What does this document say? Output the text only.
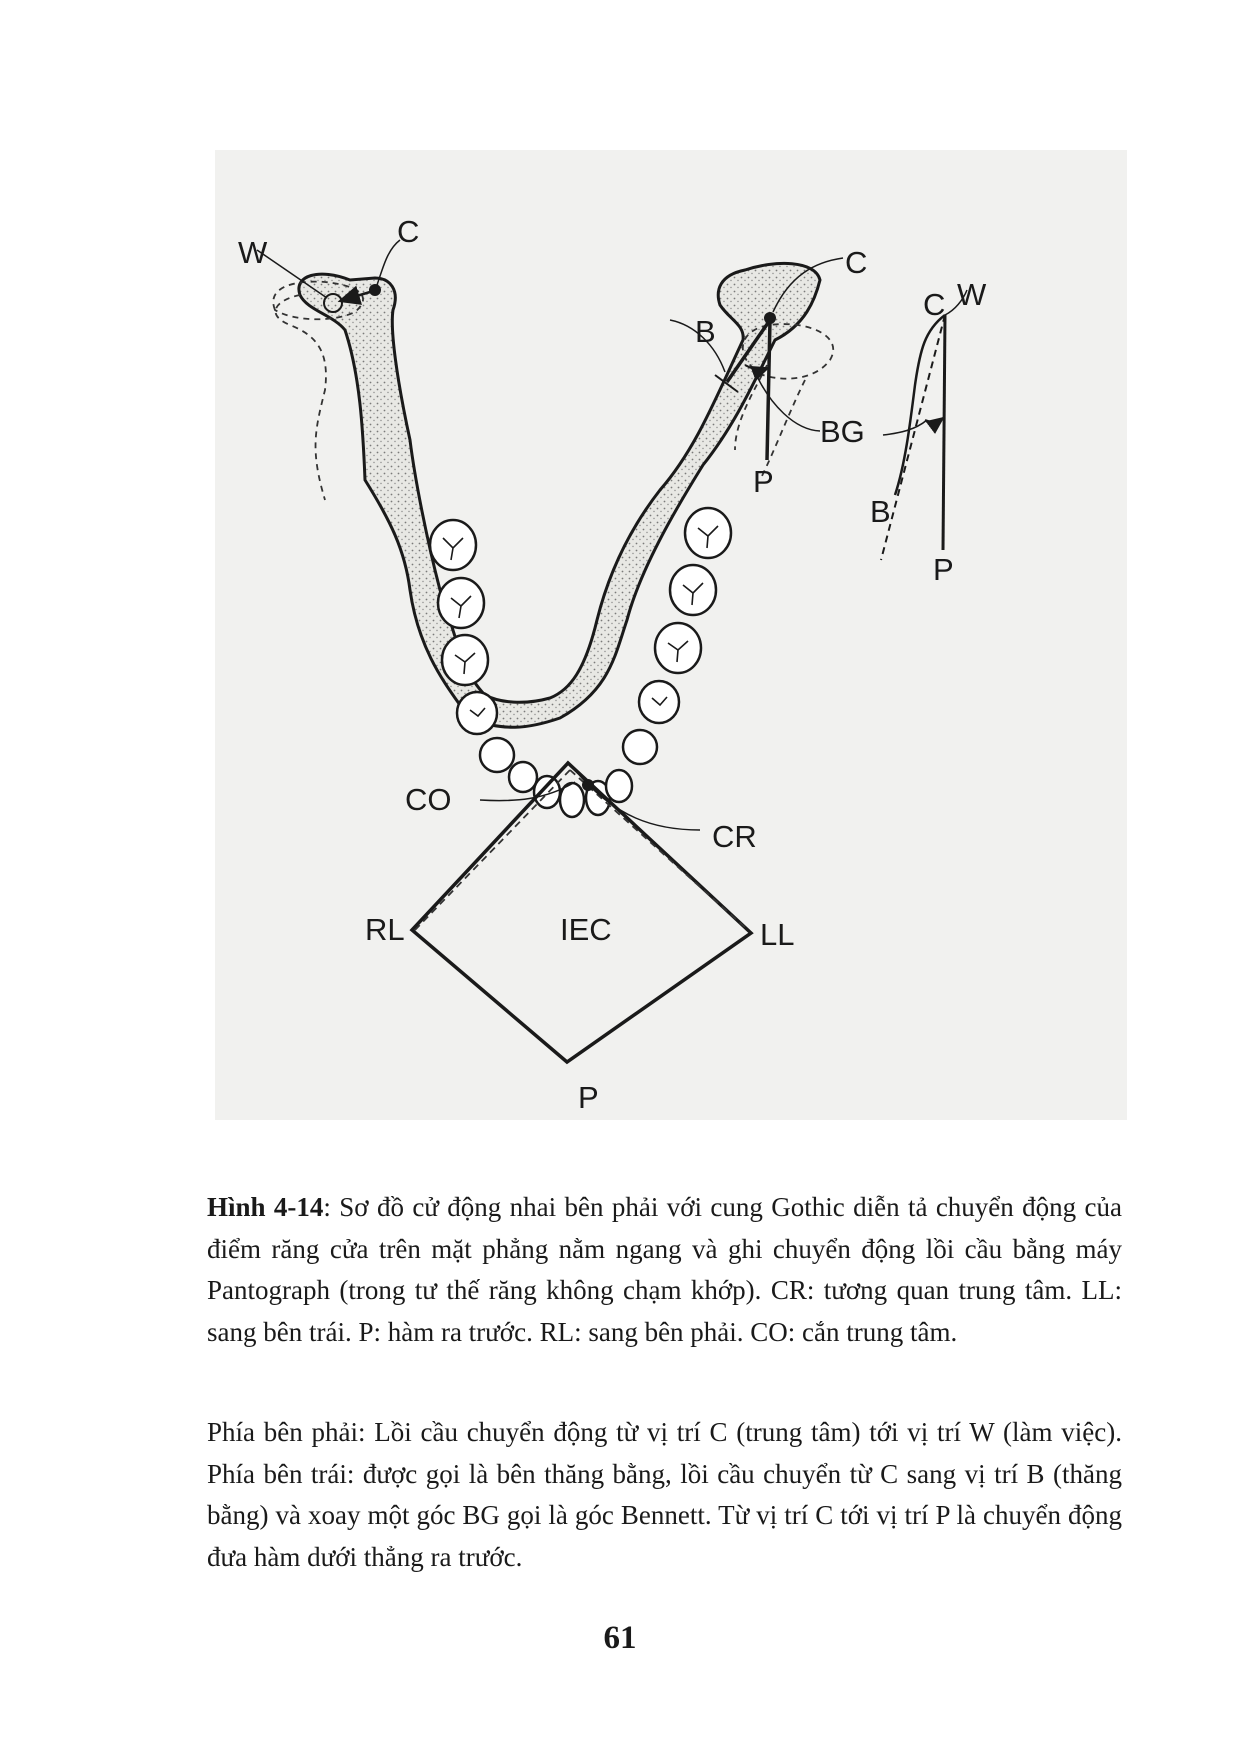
W
C
C
B
BG
P
C W
B
P
CO
CR
RL	IEC	LL
P
Hình 4-14: Sơ đồ cử động nhai bên phải với cung Gothic diễn tả chuyển động của điểm răng cửa trên mặt phẳng nằm ngang và ghi chuyển động lồi cầu bằng máy Pantograph (trong tư thế răng không chạm khớp). CR: tương quan trung tâm. LL: sang bên trái. P: hàm ra trước. RL: sang bên phải. CO: cắn trung tâm.
Phía bên phải: Lồi cầu chuyển động từ vị trí C (trung tâm) tới vị trí W (làm việc). Phía bên trái: được gọi là bên thăng bằng, lồi cầu chuyển từ C sang vị trí B (thăng bằng) và xoay một góc BG gọi là góc Bennett. Từ vị trí C tới vị trí P là chuyển động đưa hàm dưới thẳng ra trước.
61
